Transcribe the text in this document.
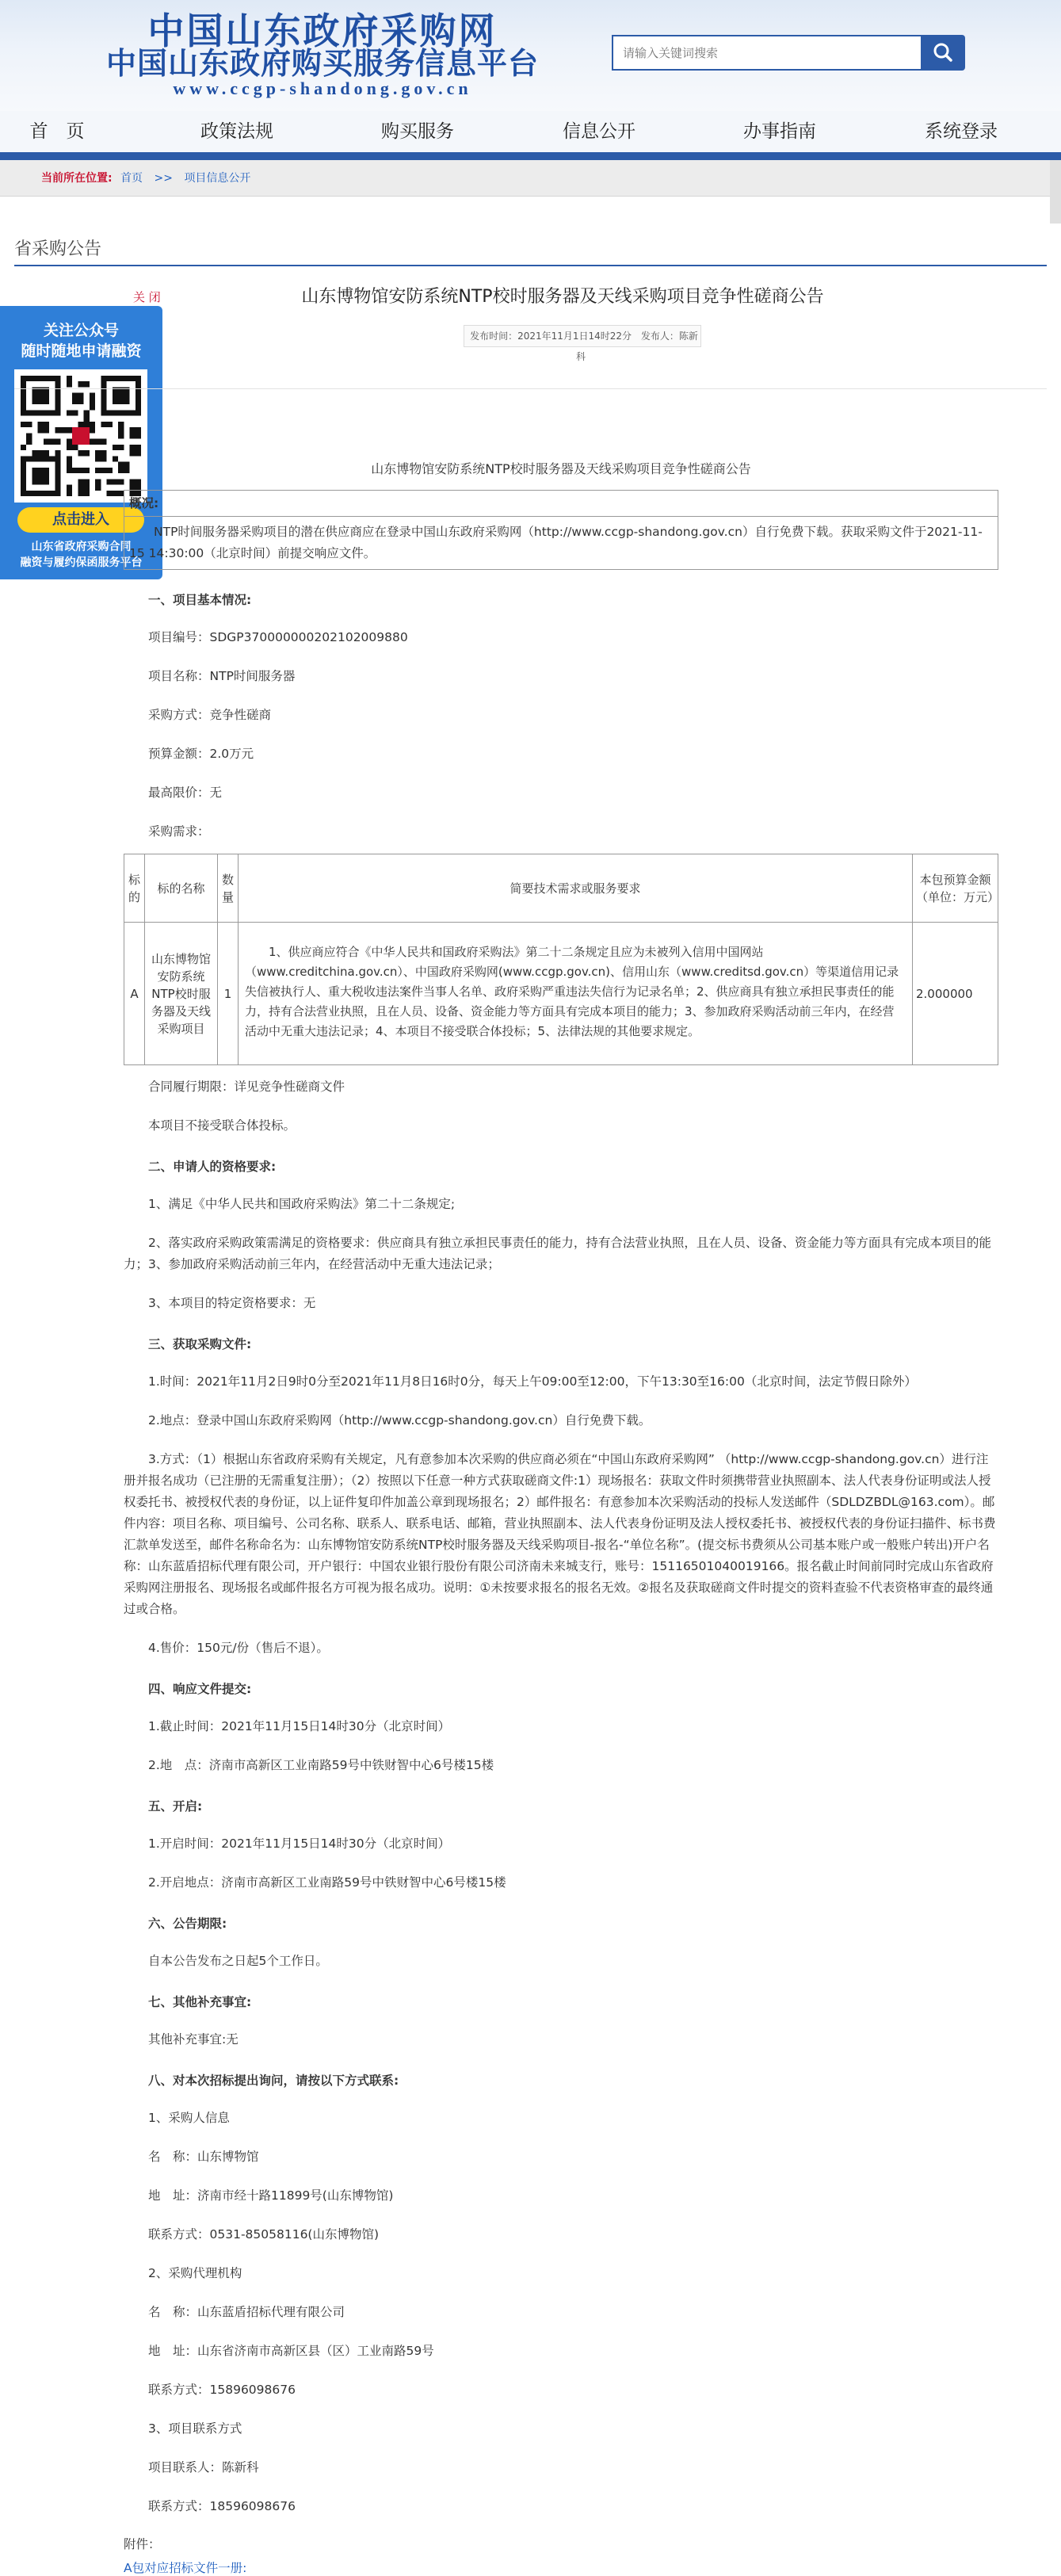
中国山东政府采购网
中国山东政府购买服务信息平台
www.ccgp-shandong.gov.cn
请输入关键词搜索
首　页	政策法规	购买服务	信息公开	办事指南	系统登录
当前所在位置: 首页 >> 项目信息公开
省采购公告
关 闭
关注公众号
随时随地申请融资
点击进入
山东省政府采购合同
融资与履约保函服务平台
山东博物馆安防系统NTP校时服务器及天线采购项目竞争性磋商公告
发布时间：2021年11月1日14时22分 发布人：陈新科
山东博物馆安防系统NTP校时服务器及天线采购项目竞争性磋商公告
概况:
NTP时间服务器采购项目的潜在供应商应在登录中国山东政府采购网（http://www.ccgp-shandong.gov.cn）自行免费下载。获取采购文件于2021-11-15 14:30:00（北京时间）前提交响应文件。
一、项目基本情况:
项目编号：SDGP370000000202102009880
项目名称：NTP时间服务器
采购方式：竞争性磋商
预算金额：2.0万元
最高限价：无
采购需求：
标的	标的名称	数量	简要技术需求或服务要求	本包预算金额（单位：万元）
A	山东博物馆安防系统NTP校时服务器及天线采购项目	1	1、供应商应符合《中华人民共和国政府采购法》第二十二条规定且应为未被列入信用中国网站（www.creditchina.gov.cn）、中国政府采购网(www.ccgp.gov.cn)、信用山东（www.creditsd.gov.cn）等渠道信用记录失信被执行人、重大税收违法案件当事人名单、政府采购严重违法失信行为记录名单；2、供应商具有独立承担民事责任的能力，持有合法营业执照，且在人员、设备、资金能力等方面具有完成本项目的能力；3、参加政府采购活动前三年内，在经营活动中无重大违法记录；4、本项目不接受联合体投标；5、法律法规的其他要求规定。	2.000000
合同履行期限：详见竞争性磋商文件
本项目不接受联合体投标。
二、申请人的资格要求:
1、满足《中华人民共和国政府采购法》第二十二条规定;
2、落实政府采购政策需满足的资格要求：供应商具有独立承担民事责任的能力，持有合法营业执照，且在人员、设备、资金能力等方面具有完成本项目的能力；3、参加政府采购活动前三年内，在经营活动中无重大违法记录；
3、本项目的特定资格要求：无
三、获取采购文件:
1.时间：2021年11月2日9时0分至2021年11月8日16时0分，每天上午09:00至12:00，下午13:30至16:00（北京时间，法定节假日除外）
2.地点：登录中国山东政府采购网（http://www.ccgp-shandong.gov.cn）自行免费下载。
3.方式：（1）根据山东省政府采购有关规定，凡有意参加本次采购的供应商必须在“中国山东政府采购网” （http://www.ccgp-shandong.gov.cn）进行注册并报名成功（已注册的无需重复注册）；（2）按照以下任意一种方式获取磋商文件:1）现场报名：获取文件时须携带营业执照副本、法人代表身份证明或法人授权委托书、被授权代表的身份证，以上证件复印件加盖公章到现场报名；2）邮件报名：有意参加本次采购活动的投标人发送邮件（SDLDZBDL@163.com）。邮件内容：项目名称、项目编号、公司名称、联系人、联系电话、邮箱，营业执照副本、法人代表身份证明及法人授权委托书、被授权代表的身份证扫描件、标书费汇款单发送至，邮件名称命名为：山东博物馆安防系统NTP校时服务器及天线采购项目-报名-“单位名称”。(提交标书费须从公司基本账户或一般账户转出)开户名称：山东蓝盾招标代理有限公司，开户银行：中国农业银行股份有限公司济南未来城支行，账号：15116501040019166。报名截止时间前同时完成山东省政府采购网注册报名、现场报名或邮件报名方可视为报名成功。说明：①未按要求报名的报名无效。②报名及获取磋商文件时提交的资料查验不代表资格审查的最终通过或合格。
4.售价：150元/份（售后不退）。
四、响应文件提交:
1.截止时间：2021年11月15日14时30分（北京时间）
2.地　点：济南市高新区工业南路59号中铁财智中心6号楼15楼
五、开启:
1.开启时间：2021年11月15日14时30分（北京时间）
2.开启地点：济南市高新区工业南路59号中铁财智中心6号楼15楼
六、公告期限:
自本公告发布之日起5个工作日。
七、其他补充事宜:
其他补充事宜:无
八、对本次招标提出询问，请按以下方式联系:
1、采购人信息
名　称：山东博物馆
地　址：济南市经十路11899号(山东博物馆)
联系方式：0531-85058116(山东博物馆)
2、采购代理机构
名　称：山东蓝盾招标代理有限公司
地　址：山东省济南市高新区县（区）工业南路59号
联系方式：15896098676
3、项目联系方式
项目联系人：陈新科
联系方式：18596098676
附件：
A包对应招标文件一册:
